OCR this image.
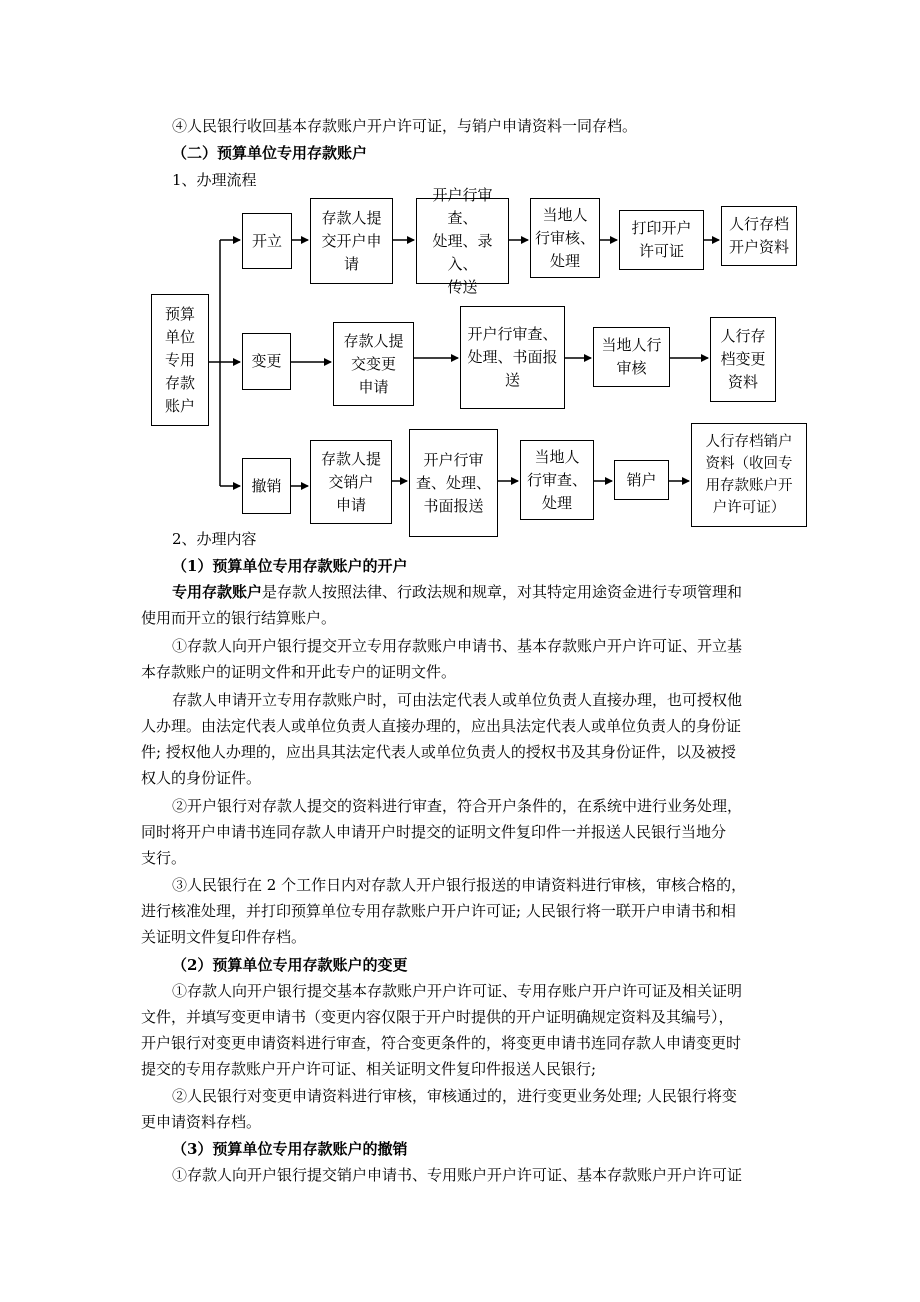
④人民银行收回基本存款账户开户许可证，与销户申请资料一同存档。
（二）预算单位专用存款账户
1、办理流程
预算
单位
专用
存款
账户
开立
存款人提
交开户申
请
开户行审查、
处理、录入、
传送
当地人
行审核、
处理
打印开户
许可证
人行存档
开户资料
变更
存款人提
交变更
申请
开户行审查、
处理、书面报
送
当地人行
审核
人行存
档变更
资料
撤销
存款人提
交销户
申请
开户行审
查、处理、
书面报送
当地人
行审查、
处理
销户
人行存档销户
资料（收回专
用存款账户开
户许可证）
2、办理内容
（1）预算单位专用存款账户的开户
专用存款账户是存款人按照法律、行政法规和规章，对其特定用途资金进行专项管理和
使用而开立的银行结算账户。
①存款人向开户银行提交开立专用存款账户申请书、基本存款账户开户许可证、开立基
本存款账户的证明文件和开此专户的证明文件。
存款人申请开立专用存款账户时，可由法定代表人或单位负责人直接办理，也可授权他
人办理。由法定代表人或单位负责人直接办理的，应出具法定代表人或单位负责人的身份证
件; 授权他人办理的，应出具其法定代表人或单位负责人的授权书及其身份证件，以及被授
权人的身份证件。
②开户银行对存款人提交的资料进行审查，符合开户条件的，在系统中进行业务处理，
同时将开户申请书连同存款人申请开户时提交的证明文件复印件一并报送人民银行当地分
支行。
③人民银行在 2 个工作日内对存款人开户银行报送的申请资料进行审核，审核合格的，
进行核准处理，并打印预算单位专用存款账户开户许可证; 人民银行将一联开户申请书和相
关证明文件复印件存档。
（2）预算单位专用存款账户的变更
①存款人向开户银行提交基本存款账户开户许可证、专用存账户开户许可证及相关证明
文件，并填写变更申请书（变更内容仅限于开户时提供的开户证明确规定资料及其编号），
开户银行对变更申请资料进行审查，符合变更条件的，将变更申请书连同存款人申请变更时
提交的专用存款账户开户许可证、相关证明文件复印件报送人民银行;
②人民银行对变更申请资料进行审核，审核通过的，进行变更业务处理; 人民银行将变
更申请资料存档。
（3）预算单位专用存款账户的撤销
①存款人向开户银行提交销户申请书、专用账户开户许可证、基本存款账户开户许可证
